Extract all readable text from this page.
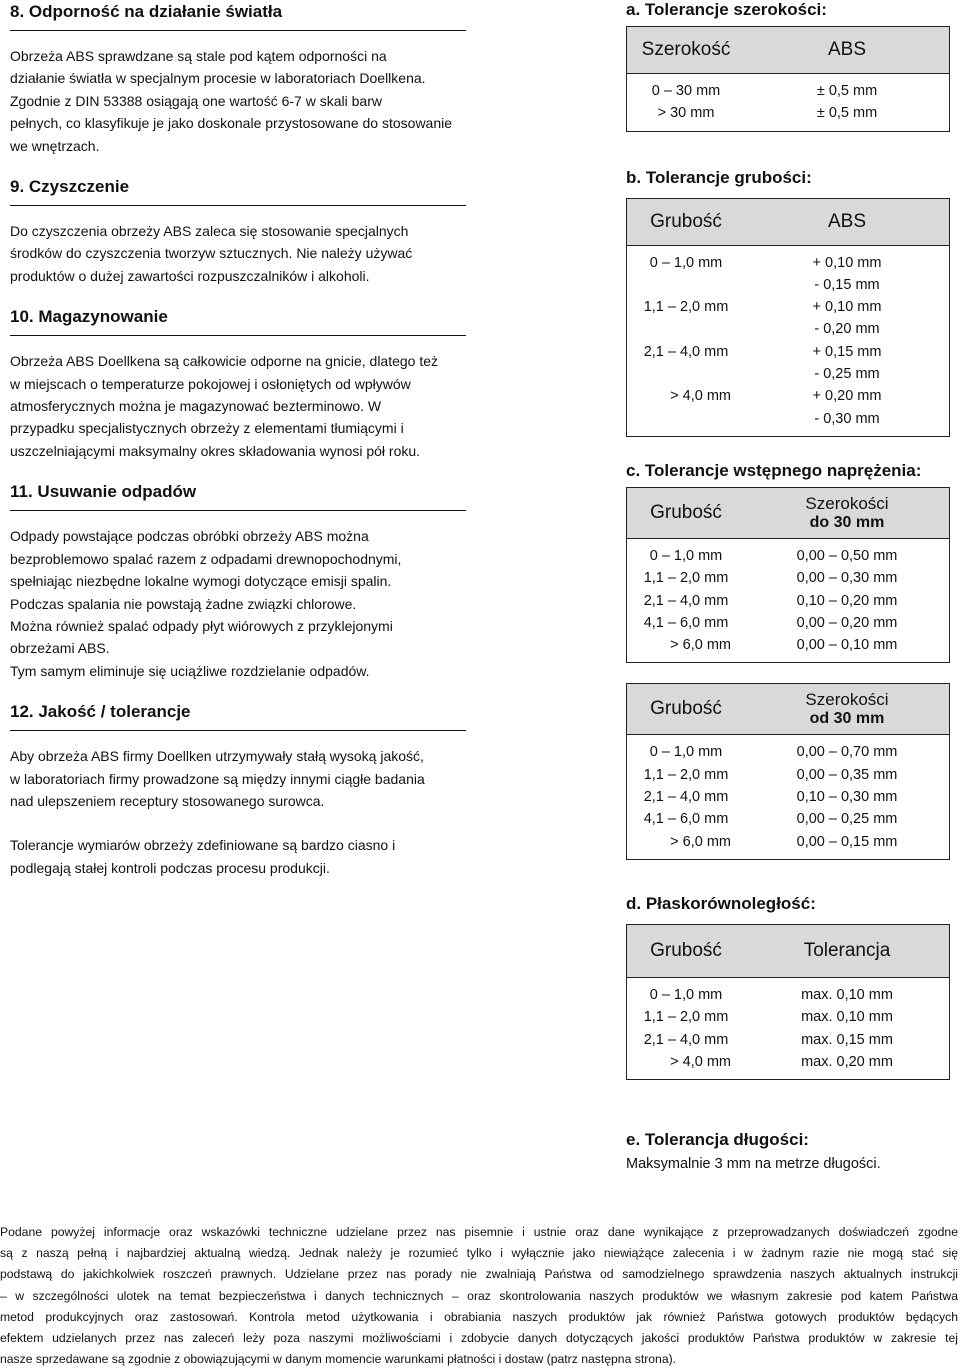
8. Odporność na działanie światła

Obrzeża ABS sprawdzane są stale pod kątem odporności na
działanie światła w specjalnym procesie w laboratoriach Doellkena.
Zgodnie z DIN 53388 osiągają one wartość 6-7 w skali barw
pełnych, co klasyfikuje je jako doskonale przystosowane do stosowanie
we wnętrzach.

9. Czyszczenie

Do czyszczenia obrzeży ABS zaleca się stosowanie specjalnych
środków do czyszczenia tworzyw sztucznych. Nie należy używać
produktów o dużej zawartości rozpuszczalników i alkoholi.

10. Magazynowanie

Obrzeża ABS Doellkena są całkowicie odporne na gnicie, dlatego też
w miejscach o temperaturze pokojowej i osłoniętych od wpływów
atmosferycznych można je magazynować bezterminowo. W
przypadku specjalistycznych obrzeży z elementami tłumiącymi i
uszczelniającymi maksymalny okres składowania wynosi pół roku.

11. Usuwanie odpadów

Odpady powstające podczas obróbki obrzeży ABS można
bezproblemowo spalać razem z odpadami drewnopochodnymi,
spełniając niezbędne lokalne wymogi dotyczące emisji spalin.
Podczas spalania nie powstają żadne związki chlorowe.
Można również spalać odpady płyt wiórowych z przyklejonymi
obrzeżami ABS.
Tym samym eliminuje się uciążliwe rozdzielanie odpadów.

12. Jakość / tolerancje

Aby obrzeża ABS firmy Doellken utrzymywały stałą wysoką jakość,
w laboratoriach firmy prowadzone są między innymi ciągłe badania
nad ulepszeniem receptury stosowanego surowca.

Tolerancje wymiarów obrzeży zdefiniowane są bardzo ciasno i
podlegają stałej kontroli podczas procesu produkcji.

a. Tolerancje szerokości:
Szerokość	ABS
0 – 30 mm	± 0,5 mm
> 30 mm	± 0,5 mm
b. Tolerancje grubości:
Grubość	ABS
0 – 1,0 mm	+ 0,10 mm
- 0,15 mm
1,1 – 2,0 mm	+ 0,10 mm
- 0,20 mm
2,1 – 4,0 mm	+ 0,15 mm
- 0,25 mm
> 4,0 mm	+ 0,20 mm
- 0,30 mm
c. Tolerancje wstępnego naprężenia:
Grubość	Szerokości
do 30 mm
0 – 1,0 mm	0,00 – 0,50 mm
1,1 – 2,0 mm	0,00 – 0,30 mm
2,1 – 4,0 mm	0,10 – 0,20 mm
4,1 – 6,0 mm	0,00 – 0,20 mm
> 6,0 mm	0,00 – 0,10 mm
Grubość	Szerokości
od 30 mm
0 – 1,0 mm	0,00 – 0,70 mm
1,1 – 2,0 mm	0,00 – 0,35 mm
2,1 – 4,0 mm	0,10 – 0,30 mm
4,1 – 6,0 mm	0,00 – 0,25 mm
> 6,0 mm	0,00 – 0,15 mm
d. Płaskorównoległość:
Grubość	Tolerancja
0 – 1,0 mm	max. 0,10 mm
1,1 – 2,0 mm	max. 0,10 mm
2,1 – 4,0 mm	max. 0,15 mm
> 4,0 mm	max. 0,20 mm
e. Tolerancja długości:
Maksymalnie 3 mm na metrze długości.
Podane powyżej informacje oraz wskazówki techniczne udzielane przez nas pisemnie i ustnie oraz dane wynikające z przeprowadzanych doświadczeń zgodne
są z naszą pełną i najbardziej aktualną wiedzą. Jednak należy je rozumieć tylko i wyłącznie jako niewiążące zalecenia i w żadnym razie nie mogą stać się
podstawą do jakichkolwiek roszczeń prawnych. Udzielane przez nas porady nie zwalniają Państwa od samodzielnego sprawdzenia naszych aktualnych instrukcji
– w szczególności ulotek na temat bezpieczeństwa i danych technicznych – oraz skontrolowania naszych produktów we własnym zakresie pod katem Państwa
metod produkcyjnych oraz zastosowań. Kontrola metod użytkowania i obrabiania naszych produktów jak również Państwa gotowych produktów będących
efektem udzielanych przez nas zaleceń leży poza naszymi możliwościami i zdobycie danych dotyczących jakości produktów Państwa produktów w zakresie tej
nasze sprzedawane są zgodnie z obowiązującymi w danym momencie warunkami płatności i dostaw (patrz następna strona).
